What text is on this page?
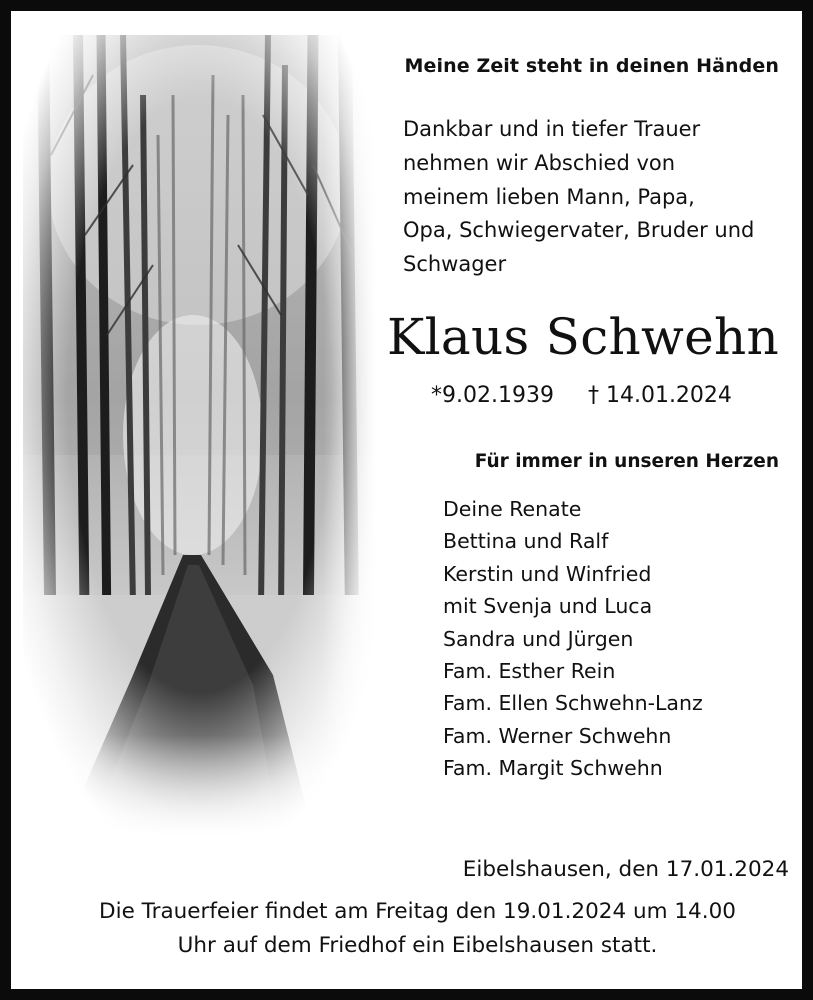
Meine Zeit steht in deinen Händen
Dankbar und in tiefer Trauer
nehmen wir Abschied von
meinem lieben Mann, Papa,
Opa, Schwiegervater, Bruder und
Schwager
Klaus Schwehn
*9.02.1939 † 14.01.2024
Für immer in unseren Herzen
Deine Renate
Bettina und Ralf
Kerstin und Winfried
mit Svenja und Luca
Sandra und Jürgen
Fam. Esther Rein
Fam. Ellen Schwehn-Lanz
Fam. Werner Schwehn
Fam. Margit Schwehn
Eibelshausen, den 17.01.2024
Die Trauerfeier findet am Freitag den 19.01.2024 um 14.00
Uhr auf dem Friedhof ein Eibelshausen statt.
